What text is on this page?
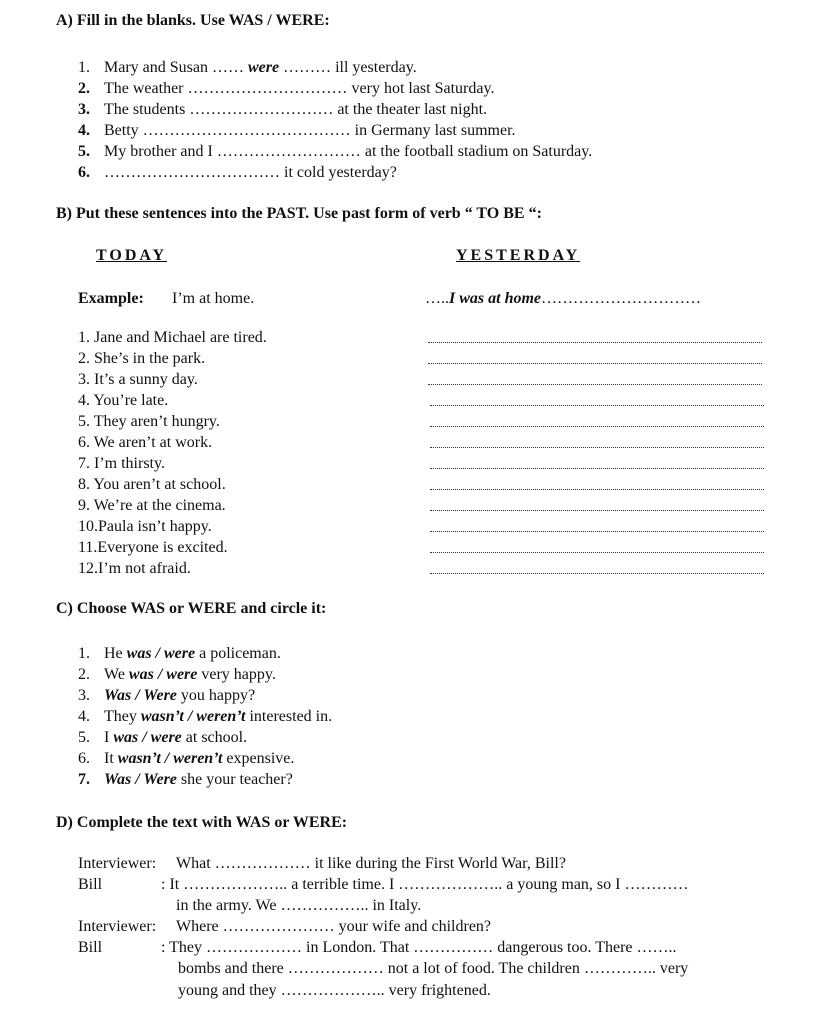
A) Fill in the blanks. Use WAS / WERE:
1. Mary and Susan …… were ……… ill yesterday.
2. The weather ………………………… very hot last Saturday.
3. The students ……………………… at the theater last night.
4. Betty ………………………………… in Germany last summer.
5. My brother and I ……………………… at the football stadium on Saturday.
6. …………………………… it cold yesterday?
B) Put these sentences into the PAST. Use past form of verb “ TO BE “:
TODAY	YESTERDAY
Example: I’m at home.	…..I was at home…………………………
1. Jane and Michael are tired.
2. She’s in the park.
3. It’s a sunny day.
4. You’re late.
5. They aren’t hungry.
6. We aren’t at work.
7. I’m thirsty.
8. You aren’t at school.
9. We’re at the cinema.
10.Paula isn’t happy.
11.Everyone is excited.
12.I’m not afraid.
C) Choose WAS or WERE and circle it:
1. He was / were a policeman.
2. We was / were very happy.
3. Was / Were you happy?
4. They wasn’t / weren’t interested in.
5. I was / were at school.
6. It wasn’t / weren’t expensive.
7. Was / Were she your teacher?
D) Complete the text with WAS or WERE:
Interviewer: What ……………… it like during the First World War, Bill?
Bill	: It ……………….. a terrible time. I ……………….. a young man, so I …………
in the army. We …………….. in Italy.
Interviewer: Where ………………… your wife and children?
Bill	: They ……………… in London. That …………… dangerous too. There ……..
bombs and there ……………… not a lot of food. The children ………….. very
young and they ……………….. very frightened.
